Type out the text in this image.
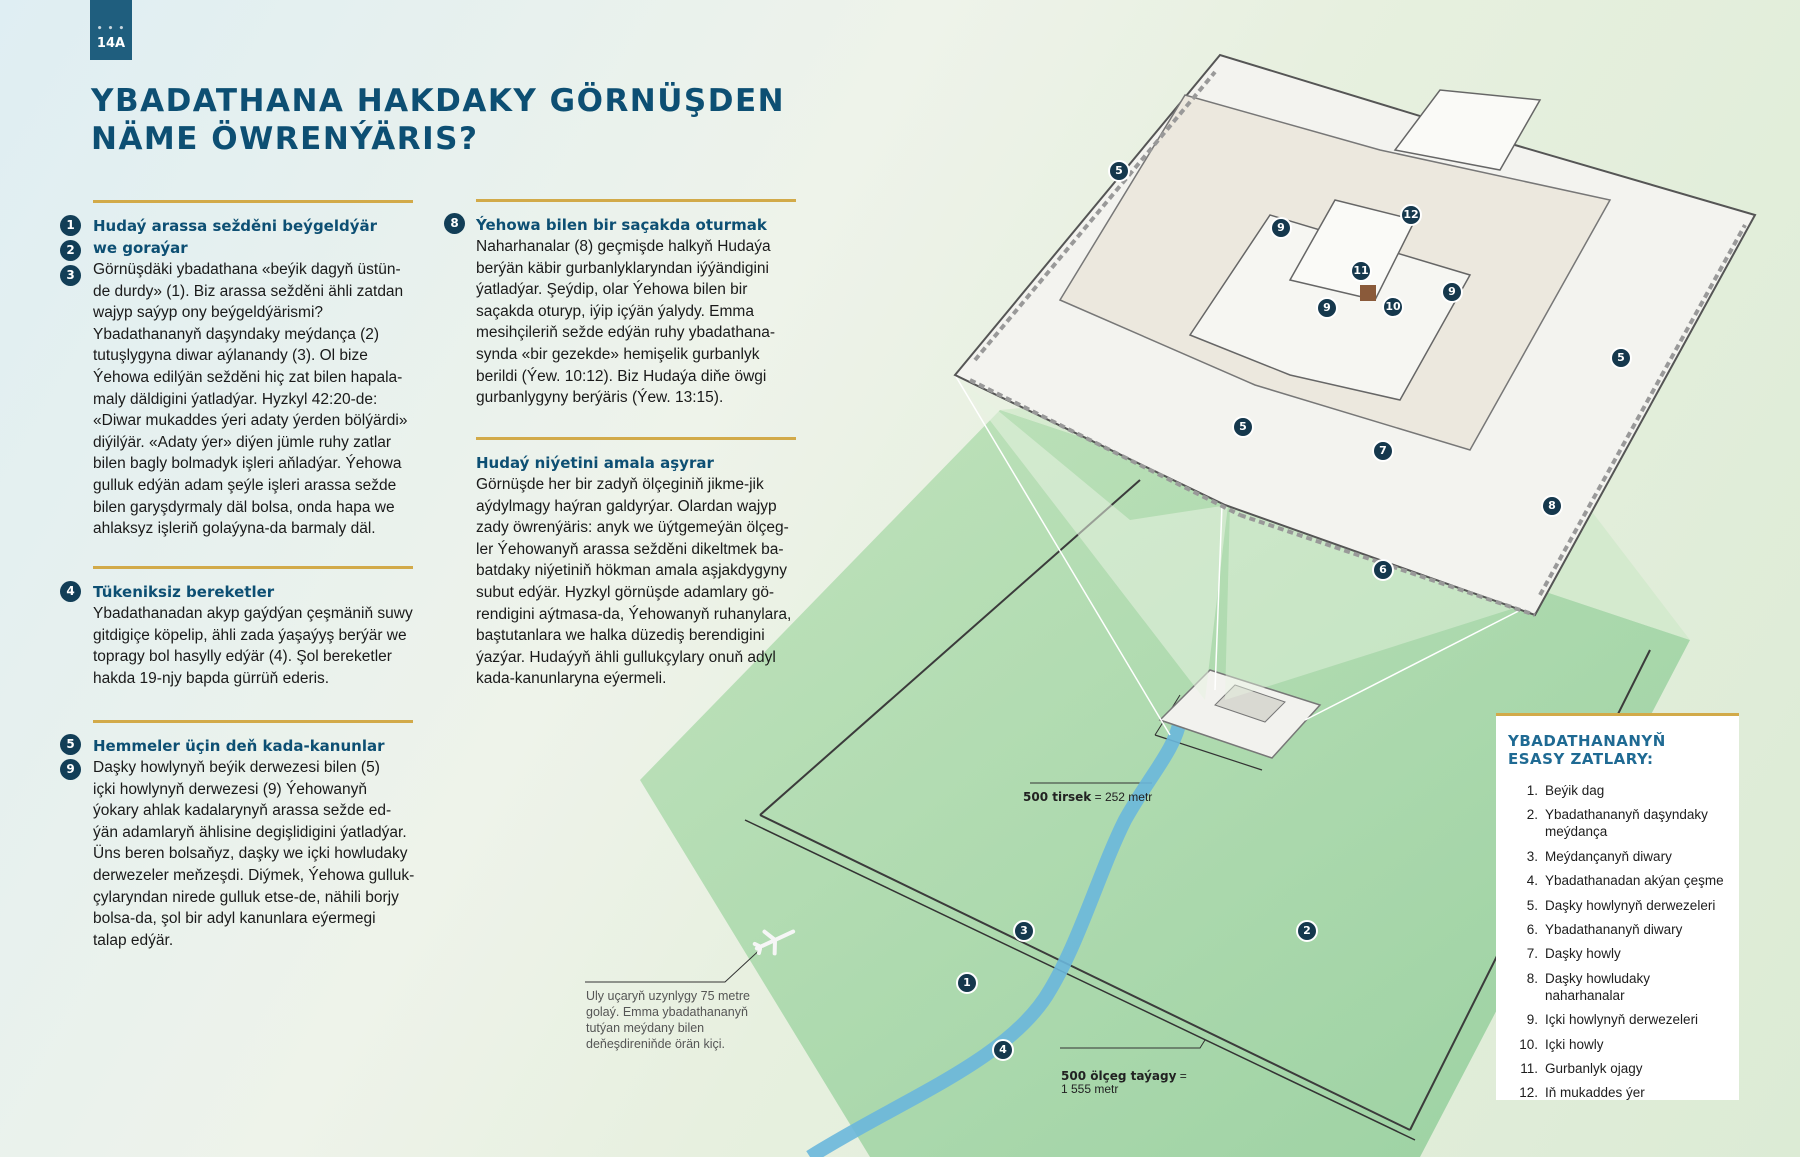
• • •
14A
YBADATHANA HAKDAKY GÖRNÜŞDEN
NÄME ÖWRENÝÄRIS?
Hudaý arassa sežděni beýgeldýär
we goraýar
Görnüşdäki ybadathana «beýik dagyň üstün-
de durdy» (1). Biz arassa sežděni ähli zatdan
wajyp saýyp ony beýgeldýärismi?
Ybadathananyň daşyndaky meýdança (2)
tutuşlygyna diwar aýlanandy (3). Ol bize
Ýehowa edilýän sežděni hiç zat bilen hapala-
maly däldigini ýatladýar. Hyzkyl 42:20-de:
«Diwar mukaddes ýeri adaty ýerden bölýärdi»
diýilýär. «Adaty ýer» diýen jümle ruhy zatlar
bilen bagly bolmadyk işleri aňladýar. Ýehowa
gulluk edýän adam şeýle işleri arassa sežde
bilen garyşdyrmaly däl bolsa, onda hapa we
ahlaksyz işleriň golaýyna-da barmaly däl.
1
2
3
Tükeniksiz bereketler
Ybadathanadan akyp gaýdýan çeşmäniň suwy
gitdigiçe köpelip, ähli zada ýaşaýyş berýär we
topragy bol hasylly edýär (4). Şol bereketler
hakda 19-njy bapda gürrüň ederis.
4
Hemmeler üçin deň kada-kanunlar
Daşky howlynyň beýik derwezesi bilen (5)
içki howlynyň derwezesi (9) Ýehowanyň
ýokary ahlak kadalarynyň arassa sežde ed-
ýän adamlaryň ählisine degişlidigini ýatladýar.
Üns beren bolsaňyz, daşky we içki howludaky
derwezeler meňzeşdi. Diýmek, Ýehowa gulluk-
çylaryndan nirede gulluk etse-de, nähili borjy
bolsa-da, şol bir adyl kanunlara eýermegi
talap edýär.
5
9
Ýehowa bilen bir saçakda oturmak
Naharhanalar (8) geçmişde halkyň Hudaýa
berýän käbir gurbanlyklaryndan iýýändigini
ýatladýar. Şeýdip, olar Ýehowa bilen bir
saçakda oturyp, iýip içýän ýalydy. Emma
mesihçileriň sežde edýän ruhy ybadathana-
synda «bir gezekde» hemişelik gurbanlyk
berildi (Ýew. 10:12). Biz Hudaýa diňe öwgi
gurbanlygyny berýäris (Ýew. 13:15).
8
Hudaý niýetini amala aşyrar
Görnüşde her bir zadyň ölçeginiň jikme-jik
aýdylmagy haýran galdyrýar. Olardan wajyp
zady öwrenýäris: anyk we üýtgemeýän ölçeg-
ler Ýehowanyň arassa sežděni dikeltmek ba-
batdaky niýetiniň hökman amala aşjakdygyny
subut edýär. Hyzkyl görnüşde adamlary gö-
rendigini aýtmasa-da, Ýehowanyň ruhanylara,
baştutanlara we halka düzediş berendigini
ýazýar. Hudaýyň ähli gullukçylary onuň adyl
kada-kanunlaryna eýermeli.
5
9
12
11
9	10
9
5
5
7
8
6
3	2
1
4
500 tirsek = 252 metr
500 ölçeg taýagy =
1 555 metr
Uly uçaryň uzynlygy 75 metre
golaý. Emma ybadathananyň
tutýan meýdany bilen
deňeşdireniňde örän kiçi.
YBADATHANANYŇ
ESASY ZATLARY:
1. Beýik dag
2. Ybadathananyň daşyndaky meýdança
3. Meýdançanyň diwary
4. Ybadathanadan akýan çeşme
5. Daşky howlynyň derwezeleri
6. Ybadathananyň diwary
7. Daşky howly
8. Daşky howludaky naharhanalar
9. Içki howlynyň derwezeleri
10. Içki howly
11. Gurbanlyk ojagy
12. Iň mukaddes ýer
